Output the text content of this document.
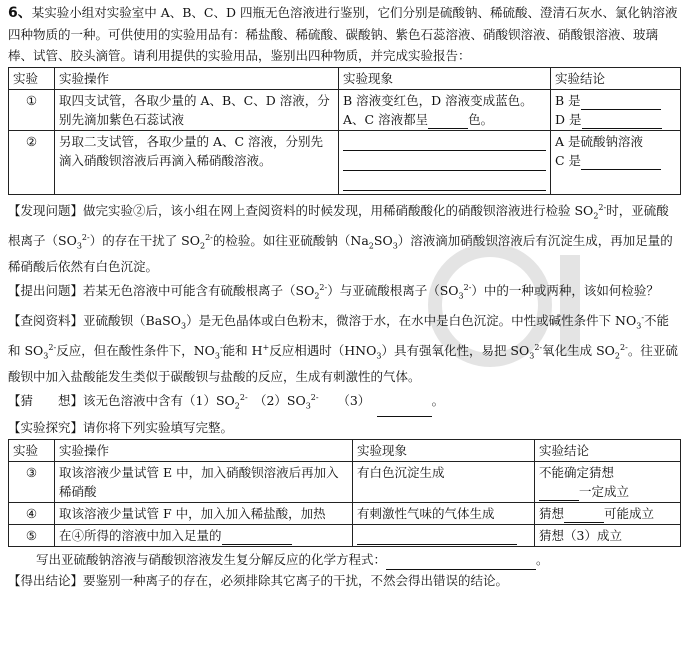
6、某实验小组对实验室中 A、B、C、D 四瓶无色溶液进行鉴别，它们分别是硫酸钠、稀硫酸、澄清石灰水、氯化钠溶液四种物质的一种。可供使用的实验用品有：稀盐酸、稀硫酸、碳酸钠、紫色石蕊溶液、硝酸钡溶液、硝酸银溶液、玻璃棒、试管、胶头滴管。请利用提供的实验用品，鉴别出四种物质，并完成实验报告：

实验	实验操作	实验现象	实验结论
①	取四支试管，各取少量的 A、B、C、D 溶液，分别先滴加紫色石蕊试液	B 溶液变红色，D 溶液变成蓝色。A、C 溶液都呈 色。	B 是
D 是

②	另取二支试管，各取少量的 A、C 溶液，分别先滴入硝酸钡溶液后再滴入稀硝酸溶液。		A 是硫酸钠溶液
C 是

【发现问题】做完实验②后，该小组在网上查阅资料的时候发现，用稀硝酸酸化的硝酸钡溶液进行检验 $SO_2^{2-}$时，亚硫酸根离子$(SO_3^{2-})$的存在干扰了 $SO_2^{2-}$的检验。如往亚硫酸钠$(Na_2SO_3)$溶液滴加硝酸钡溶液后有沉淀生成，再加足量的稀硝酸后依然有白色沉淀。

【提出问题】若某无色溶液中可能含有硫酸根离子$(SO_2^{2-})$与亚硫酸根离子$(SO_3^{2-})$中的一种或两种，该如何检验？

【查阅资料】亚硫酸钡（BaSO$_3$）是无色晶体或白色粉末，微溶于水，在水中是白色沉淀。中性或碱性条件下 $NO_3^-$不能和 $SO_3^{2-}$反应，但在酸性条件下，$NO_3^-$能和 H+反应相遇时$(HNO_3)$具有强氧化性，易把 $SO_3^{2-}$氧化生成 $SO_2^{2-}$。往亚硫酸钡中加入盐酸能发生类似于碳酸钡与盐酸的反应，生成有刺激性的气体。

【猜　　想】该无色溶液中含有$(1)SO_2^{2-}$　 $(2)SO_3^{2-}$　　 （3）　	。

【实验探究】请你将下列实验填写完整。

实验	实验操作	实验现象	实验结论
③	取该溶液少量试管 E 中，加入硝酸钡溶液后再加入稀硝酸	有白色沉淀生成	不能确定猜想
一定成立

④	取该溶液少量试管 F 中，加入加入稀盐酸，加热	有刺激性气味的气体生成	猜想 可能成立
⑤	在④所得的溶液中加入足量的		猜想（3）成立

写出亚硫酸钠溶液与硝酸钡溶液发生复分解反应的化学方程式：	。

【得出结论】要鉴别一种离子的存在，必须排除其它离子的干扰，不然会得出错误的结论。
